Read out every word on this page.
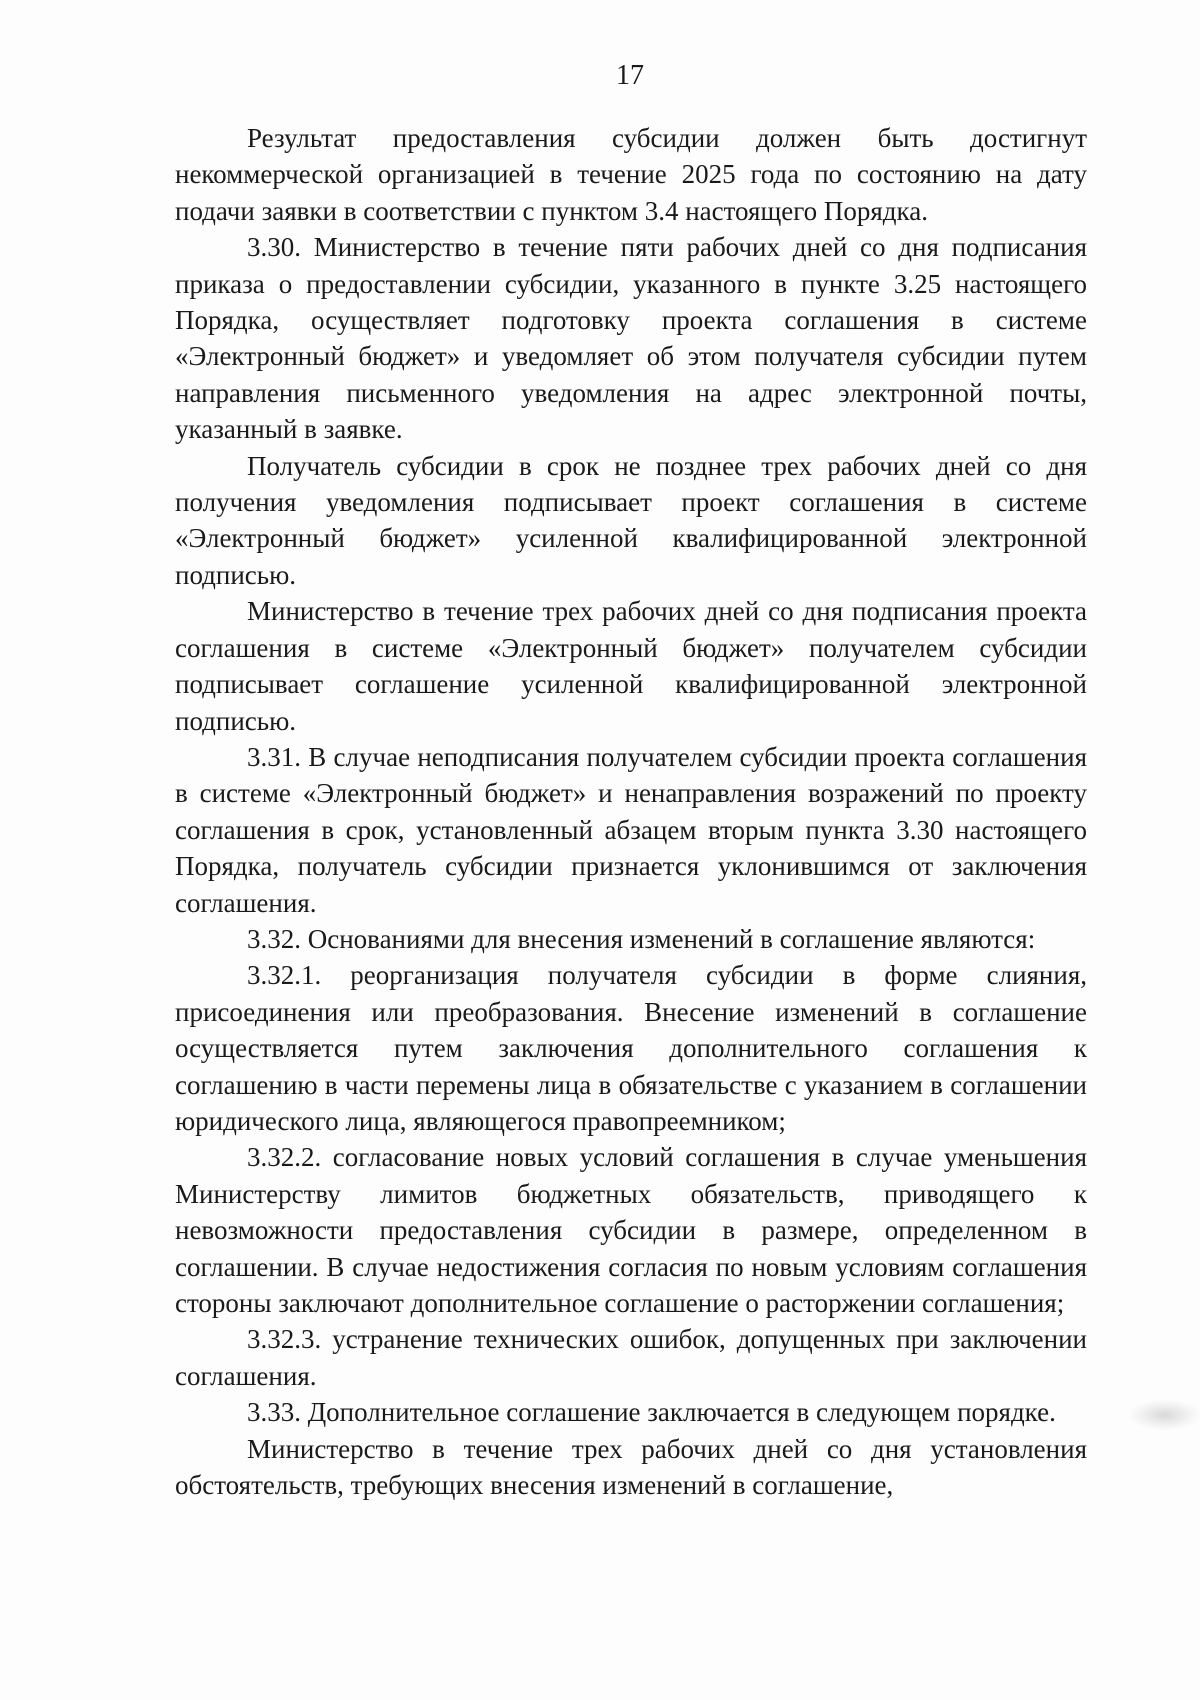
17

Результат предоставления субсидии должен быть достигнут некоммерческой организацией в течение 2025 года по состоянию на дату подачи заявки в соответствии с пунктом 3.4 настоящего Порядка.

3.30. Министерство в течение пяти рабочих дней со дня подписания приказа о предоставлении субсидии, указанного в пункте 3.25 настоящего Порядка, осуществляет подготовку проекта соглашения в системе «Электронный бюджет» и уведомляет об этом получателя субсидии путем направления письменного уведомления на адрес электронной почты, указанный в заявке.

Получатель субсидии в срок не позднее трех рабочих дней со дня получения уведомления подписывает проект соглашения в системе «Электронный бюджет» усиленной квалифицированной электронной подписью.

Министерство в течение трех рабочих дней со дня подписания проекта соглашения в системе «Электронный бюджет» получателем субсидии подписывает соглашение усиленной квалифицированной электронной подписью.

3.31. В случае неподписания получателем субсидии проекта соглашения в системе «Электронный бюджет» и ненаправления возражений по проекту соглашения в срок, установленный абзацем вторым пункта 3.30 настоящего Порядка, получатель субсидии признается уклонившимся от заключения соглашения.

3.32. Основаниями для внесения изменений в соглашение являются:

3.32.1. реорганизация получателя субсидии в форме слияния, присоединения или преобразования. Внесение изменений в соглашение осуществляется путем заключения дополнительного соглашения к соглашению в части перемены лица в обязательстве с указанием в соглашении юридического лица, являющегося правопреемником;

3.32.2. согласование новых условий соглашения в случае уменьшения Министерству лимитов бюджетных обязательств, приводящего к невозможности предоставления субсидии в размере, определенном в соглашении. В случае недостижения согласия по новым условиям соглашения стороны заключают дополнительное соглашение о расторжении соглашения;

3.32.3. устранение технических ошибок, допущенных при заключении соглашения.

3.33. Дополнительное соглашение заключается в следующем порядке.

Министерство в течение трех рабочих дней со дня установления обстоятельств, требующих внесения изменений в соглашение,
